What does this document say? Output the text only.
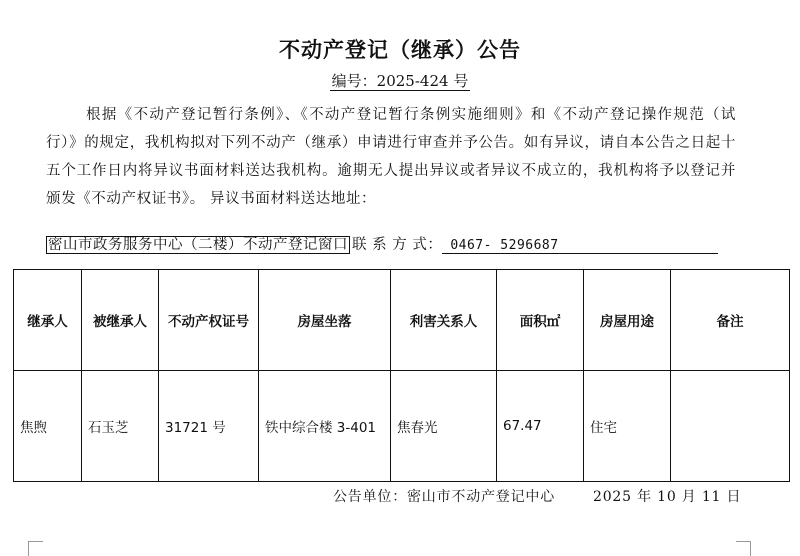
不动产登记（继承）公告
编号：2025-424 号

根据《不动产登记暂行条例》、《不动产登记暂行条例实施细则》和《不动产登记操作规范（试行）》的规定，我机构拟对下列不动产（继承）申请进行审查并予公告。如有异议，请自本公告之日起十五个工作日内将异议书面材料送达我机构。逾期无人提出异议或者异议不成立的，我机构将予以登记并颁发《不动产权证书》。 异议书面材料送达地址：

密山市政务服务中心（二楼）不动产登记窗口 联 系 方 式： 0467- 5296687
继承人	被继承人	不动产权证号	房屋坐落	利害关系人	面积㎡	房屋用途	备注
焦煦	石玉芝	31721 号	铁中综合楼 3-401	焦春光	67.47	住宅	
公告单位：密山市不动产登记中心	2025 年 10 月 11 日
